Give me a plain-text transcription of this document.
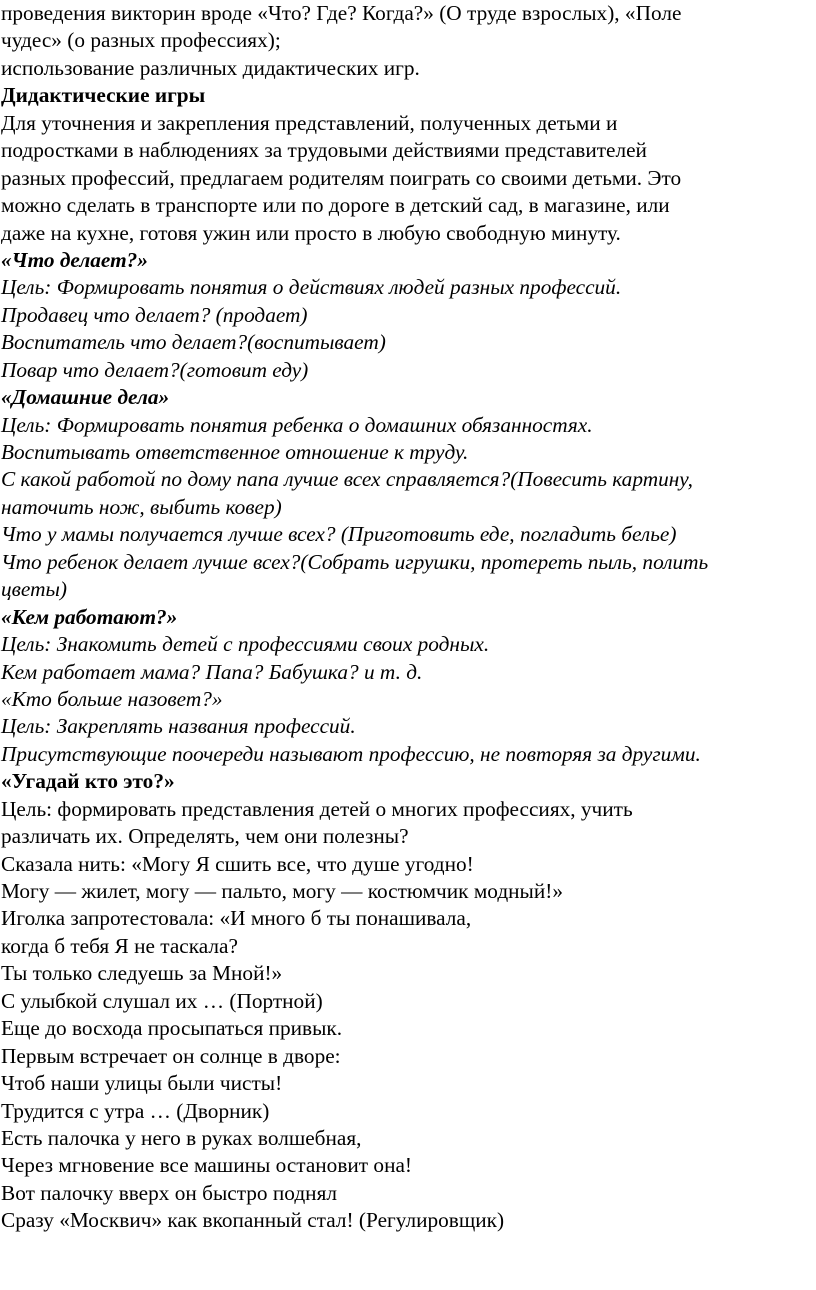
проведения викторин вроде «Что? Где? Когда?» (О труде взрослых), «Поле
чудес» (о разных профессиях);
использование различных дидактических игр.
Дидактические игры
Для уточнения и закрепления представлений, полученных детьми и
подростками в наблюдениях за трудовыми действиями представителей
разных профессий, предлагаем родителям поиграть со своими детьми. Это
можно сделать в транспорте или по дороге в детский сад, в магазине, или
даже на кухне, готовя ужин или просто в любую свободную минуту.
«Что делает?»
Цель: Формировать понятия о действиях людей разных профессий.
Продавец что делает? (продает)
Воспитатель что делает?(воспитывает)
Повар что делает?(готовит еду)
«Домашние дела»
Цель: Формировать понятия ребенка о домашних обязанностях.
Воспитывать ответственное отношение к труду.
С какой работой по дому папа лучше всех справляется?(Повесить картину,
наточить нож, выбить ковер)
Что у мамы получается лучше всех? (Приготовить еде, погладить белье)
Что ребенок делает лучше всех?(Собрать игрушки, протереть пыль, полить
цветы)
«Кем работают?»
Цель: Знакомить детей с профессиями своих родных.
Кем работает мама? Папа? Бабушка? и т. д.
«Кто больше назовет?»
Цель: Закреплять названия профессий.
Присутствующие поочереди называют профессию, не повторяя за другими.
«Угадай кто это?»
Цель: формировать представления детей о многих профессиях, учить
различать их. Определять, чем они полезны?
Сказала нить: «Могу Я сшить все, что душе угодно!
Могу — жилет, могу — пальто, могу — костюмчик модный!»
Иголка запротестовала: «И много б ты понашивала,
когда б тебя Я не таскала?
Ты только следуешь за Мной!»
С улыбкой слушал их … (Портной)
Еще до восхода просыпаться привык.
Первым встречает он солнце в дворе:
Чтоб наши улицы были чисты!
Трудится с утра … (Дворник)
Есть палочка у него в руках волшебная,
Через мгновение все машины остановит она!
Вот палочку вверх он быстро поднял
Сразу «Москвич» как вкопанный стал! (Регулировщик)
